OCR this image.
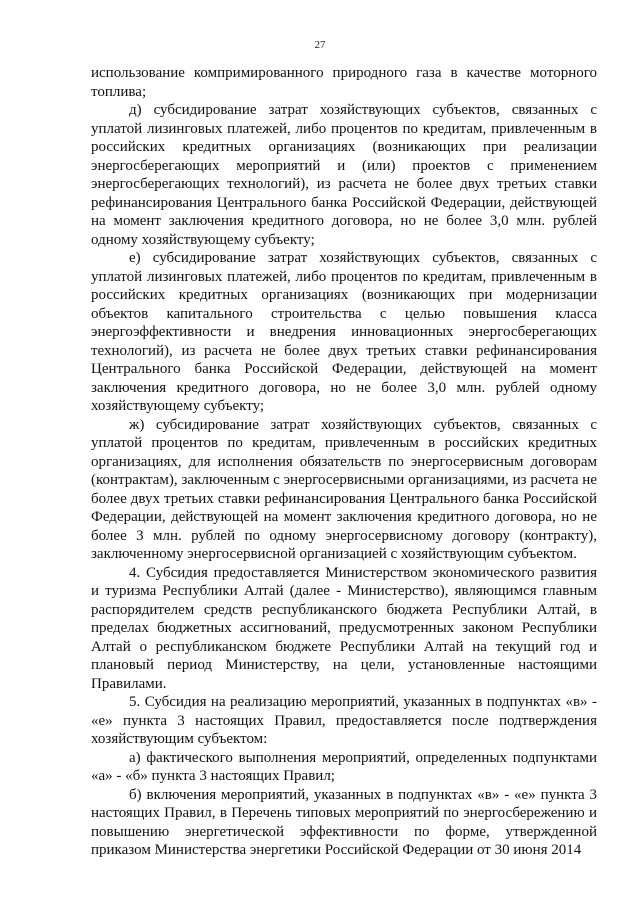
27

использование компримированного природного газа в качестве моторного топлива;

д) субсидирование затрат хозяйствующих субъектов, связанных с уплатой лизинговых платежей, либо процентов по кредитам, привлеченным в российских кредитных организациях (возникающих при реализации энергосберегающих мероприятий и (или) проектов с применением энергосберегающих технологий), из расчета не более двух третьих ставки рефинансирования Центрального банка Российской Федерации, действующей на момент заключения кредитного договора, но не более 3,0 млн. рублей одному хозяйствующему субъекту;

е) субсидирование затрат хозяйствующих субъектов, связанных с уплатой лизинговых платежей, либо процентов по кредитам, привлеченным в российских кредитных организациях (возникающих при модернизации объектов капитального строительства с целью повышения класса энергоэффективности и внедрения инновационных энергосберегающих технологий), из расчета не более двух третьих ставки рефинансирования Центрального банка Российской Федерации, действующей на момент заключения кредитного договора, но не более 3,0 млн. рублей одному хозяйствующему субъекту;

ж) субсидирование затрат хозяйствующих субъектов, связанных с уплатой процентов по кредитам, привлеченным в российских кредитных организациях, для исполнения обязательств по энергосервисным договорам (контрактам), заключенным с энергосервисными организациями, из расчета не более двух третьих ставки рефинансирования Центрального банка Российской Федерации, действующей на момент заключения кредитного договора, но не более 3 млн. рублей по одному энергосервисному договору (контракту), заключенному энергосервисной организацией с хозяйствующим субъектом.

4. Субсидия предоставляется Министерством экономического развития и туризма Республики Алтай (далее - Министерство), являющимся главным распорядителем средств республиканского бюджета Республики Алтай, в пределах бюджетных ассигнований, предусмотренных законом Республики Алтай о республиканском бюджете Республики Алтай на текущий год и плановый период Министерству, на цели, установленные настоящими Правилами.

5. Субсидия на реализацию мероприятий, указанных в подпунктах «в» - «е» пункта 3 настоящих Правил, предоставляется после подтверждения хозяйствующим субъектом:

а) фактического выполнения мероприятий, определенных подпунктами «а» - «б» пункта 3 настоящих Правил;

б) включения мероприятий, указанных в подпунктах «в» - «е» пункта 3 настоящих Правил, в Перечень типовых мероприятий по энергосбережению и повышению энергетической эффективности по форме, утвержденной приказом Министерства энергетики Российской Федерации от 30 июня 2014
